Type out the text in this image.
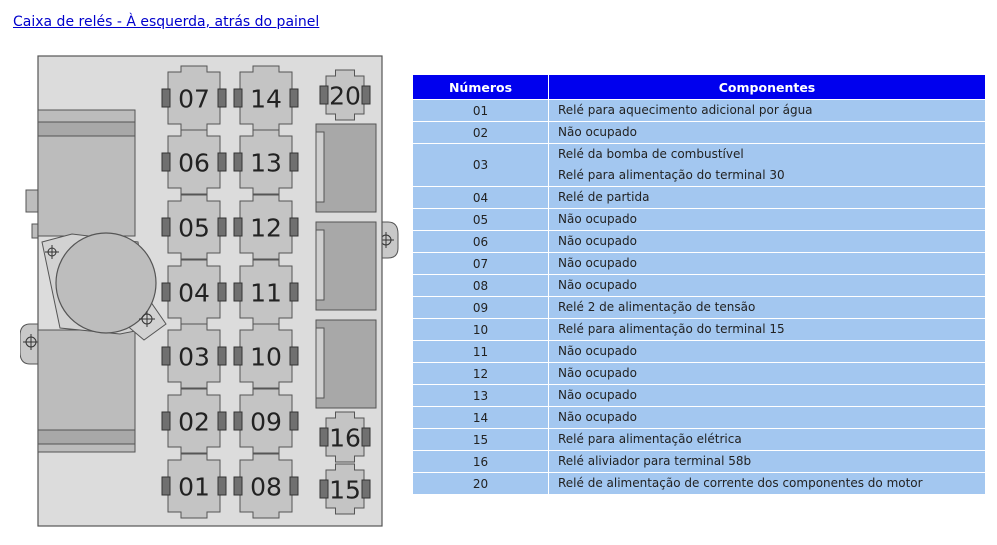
Caixa de relés - À esquerda, atrás do painel
07 14 20
06 13
05 12
04 11
03 10
02 09
16
01 08 15
Números	Componentes
01	Relé para aquecimento adicional por água

02	Não ocupado

03	Relé da bomba de combustível
Relé para alimentação do terminal 30

04	Relé de partida

05	Não ocupado

06	Não ocupado

07	Não ocupado

08	Não ocupado

09	Relé 2 de alimentação de tensão

10	Relé para alimentação do terminal 15

11	Não ocupado

12	Não ocupado

13	Não ocupado

14	Não ocupado

15	Relé para alimentação elétrica

16	Relé aliviador para terminal 58b

20	Relé de alimentação de corrente dos componentes do motor
